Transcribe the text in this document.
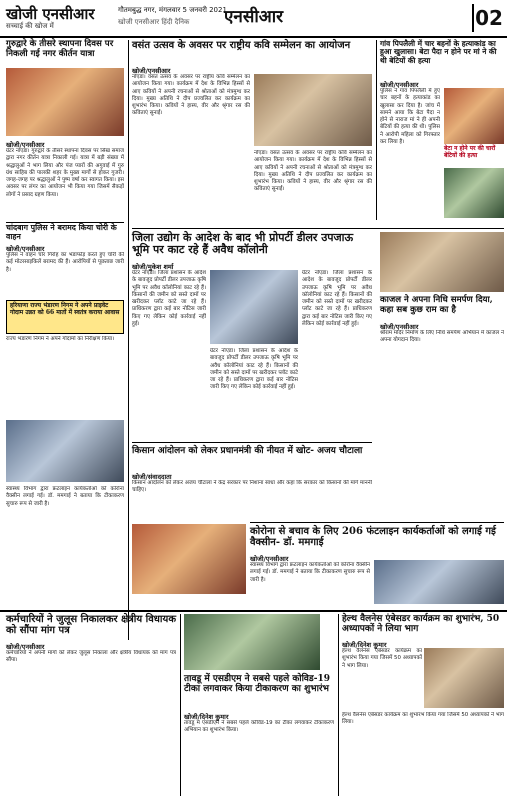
खोजी एनसीआर
सच्चाई की खोज में
गौतमबुद्ध नगर, मंगलवार 5 जनवरी 2021
खोजी एनसीआर हिंदी दैनिक एनसीआर	02
गुरुद्वारे के तीसरे स्थापना दिवस पर निकली गई नगर कीर्तन यात्रा
खोजी/एनसीआर
ग्रेटर नोएडा। गुरुद्वारे के तीसरे स्थापना दिवस पर सिख समाज द्वारा नगर कीर्तन यात्रा निकाली गई। यात्रा में बड़ी संख्या में श्रद्धालुओं ने भाग लिया और पंज प्यारों की अगुवाई में गुरु ग्रंथ साहिब की पालकी शहर के मुख्य मार्गों से होकर गुजरी। जगह-जगह पर श्रद्धालुओं ने पुष्प वर्षा कर स्वागत किया। इस अवसर पर लंगर का आयोजन भी किया गया जिसमें सैकड़ों लोगों ने प्रसाद ग्रहण किया।
चांदबाग पुलिस ने बरामद किया चोरी के वाहन
खोजी/एनसीआर
पुलिस ने वाहन चोर गिरोह का भंडाफोड़ करते हुए चोरी की कई मोटरसाइकिलें बरामद की हैं। आरोपियों से पूछताछ जारी है।
हरियाणा राज्य भंडारण निगम ने अपने प्राइवेट गोदाम उन्नत को 66 मातों में स्वतंत्र कराया आवास
राज्य भंडारण निगम ने अपने गोदामों का निरीक्षण किया।
वसंत उत्सव के अवसर पर राष्ट्रीय कवि सम्मेलन का आयोजन
खोजी/एनसीआर
नोएडा। वसंत उत्सव के अवसर पर राष्ट्रीय कवि सम्मेलन का आयोजन किया गया। कार्यक्रम में देश के विभिन्न हिस्सों से आए कवियों ने अपनी रचनाओं से श्रोताओं को मंत्रमुग्ध कर दिया। मुख्य अतिथि ने दीप प्रज्वलित कर कार्यक्रम का शुभारंभ किया। कवियों ने हास्य, वीर और श्रृंगार रस की कविताएं सुनाईं।
नोएडा। वसंत उत्सव के अवसर पर राष्ट्रीय कवि सम्मेलन का आयोजन किया गया। कार्यक्रम में देश के विभिन्न हिस्सों से आए कवियों ने अपनी रचनाओं से श्रोताओं को मंत्रमुग्ध कर दिया। मुख्य अतिथि ने दीप प्रज्वलित कर कार्यक्रम का शुभारंभ किया। कवियों ने हास्य, वीर और श्रृंगार रस की कविताएं सुनाईं।
गांव पिपलैली में चार बहनों के हत्याकांड का हुआ खुलासा। बेटा पैदा न होने पर मां ने की थी बेटियों की हत्या
खोजी/एनसीआर
पुलिस ने गांव पिपलैली में हुए चार बहनों के हत्याकांड का खुलासा कर दिया है। जांच में सामने आया कि बेटा पैदा न होने से नाराज मां ने ही अपनी बेटियों की हत्या की थी। पुलिस ने आरोपी महिला को गिरफ्तार कर लिया है।
बेटा न होने पर की चारों बेटियों की हत्या
जिला उद्योग के आदेश के बाद भी प्रोपर्टी डीलर उपजाऊ भूमि पर काट रहे हैं अवैध कॉलोनी
खोजी/मुकेश शर्मा
ग्रेटर नोएडा। जिला प्रशासन के आदेश के बावजूद प्रोपर्टी डीलर उपजाऊ कृषि भूमि पर अवैध कॉलोनियां काट रहे हैं। किसानों की जमीन को सस्ते दामों पर खरीदकर प्लॉट काटे जा रहे हैं। प्राधिकरण द्वारा कई बार नोटिस जारी किए गए लेकिन कोई कार्रवाई नहीं हुई।
ग्रेटर नोएडा। जिला प्रशासन के आदेश के बावजूद प्रोपर्टी डीलर उपजाऊ कृषि भूमि पर अवैध कॉलोनियां काट रहे हैं। किसानों की जमीन को सस्ते दामों पर खरीदकर प्लॉट काटे जा रहे हैं। प्राधिकरण द्वारा कई बार नोटिस जारी किए गए लेकिन कोई कार्रवाई नहीं हुई।
ग्रेटर नोएडा। जिला प्रशासन के आदेश के बावजूद प्रोपर्टी डीलर उपजाऊ कृषि भूमि पर अवैध कॉलोनियां काट रहे हैं। किसानों की जमीन को सस्ते दामों पर खरीदकर प्लॉट काटे जा रहे हैं। प्राधिकरण द्वारा कई बार नोटिस जारी किए गए लेकिन कोई कार्रवाई नहीं हुई।
काजल ने अपना निधि समर्पण दिया, कहा सब कुछ राम का है
खोजी/एनसीआर
श्रीराम मंदिर निर्माण के लिए निधि समर्पण अभियान में काजल ने अपना योगदान दिया।
किसान आंदोलन को लेकर प्रधानमंत्री की नीयत में खोट- अजय चौटाला
खोजी/संवाददाता
किसान आंदोलन को लेकर अजय चौटाला ने केंद्र सरकार पर निशाना साधा और कहा कि सरकार को किसानों की मांगें माननी चाहिए।
कोरोना से बचाव के लिए 206 फंटलाइन कार्यकर्ताओं को लगाई गई वैक्सीन- डॉ. ममगाई
खोजी/एनसीआर
स्वास्थ्य विभाग द्वारा फ्रंटलाइन कार्यकर्ताओं को कोरोना वैक्सीन लगाई गई। डॉ. ममगाई ने बताया कि टीकाकरण सुचारु रूप से जारी है।
स्वास्थ्य विभाग द्वारा फ्रंटलाइन कार्यकर्ताओं को कोरोना वैक्सीन लगाई गई। डॉ. ममगाई ने बताया कि टीकाकरण सुचारु रूप से जारी है।
कर्मचारियों ने जुलूस निकालकर क्षेत्रीय विधायक को सौंपा मांग पत्र
खोजी/एनसीआर
कर्मचारियों ने अपनी मांगों को लेकर जुलूस निकाला और क्षेत्रीय विधायक को मांग पत्र सौंपा।
तावडू में एसडीएम ने सबसे पहले कोविड-19 टीका लगवाकर किया टीकाकरण का शुभारंभ
खोजी/दिनेश कुमार
तावडू में एसडीएम ने सबसे पहले कोविड-19 का टीका लगवाकर टीकाकरण अभियान का शुभारंभ किया।
हेल्थ वैलनेस एंबेसडर कार्यक्रम का शुभारंभ, 50 अध्यापकों ने लिया भाग
खोजी/दिनेश कुमार
हेल्थ वैलनेस एंबेसडर कार्यक्रम का शुभारंभ किया गया जिसमें 50 अध्यापकों ने भाग लिया।
हेल्थ वैलनेस एंबेसडर कार्यक्रम का शुभारंभ किया गया जिसमें 50 अध्यापकों ने भाग लिया।
